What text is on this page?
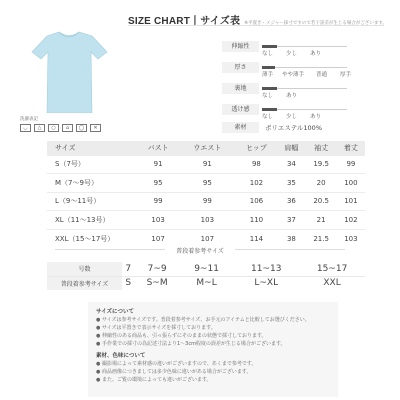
SIZE CHART丨サイズ表 ※平置き・メジャー採寸ですので若干誤差が生じる場合がございます。
伸縮性
なし	少し	あり
厚さ
薄手	やや薄手	普通	厚手
裏地
なし	あり
透け感
なし	少し	あり
素材	ポリエステル100%
洗濯表記
◡	△	○	⌂	◯	✕
サイズ	バスト	ウエスト	ヒップ	肩幅	袖丈	着丈
S（7号）	91	91	98	34	19.5	99
M（7〜9号）	95	95	102	35	20	100
L（9〜11号）	99	99	106	36	20.5	101
XL（11〜13号）	103	103	110	37	21	102
XXL（15〜17号）	107	107	114	38	21.5	103
普段着参考サイズ
号数	7	7~9	9~11	11~13	15~17
普段着参考サイズ	S	S~M	M~L	L~XL	XXL
サイズについて
● サイズは参考サイズです。普段着参考サイズ、お手元のアイテムと比較してお選びください。
● サイズは平置きで表示サイズを採寸しております。
● 伸縮性のある商品も、引っ張らずにそのままの状態で採寸しております。
● 手作業での採寸の為記述寸法より1〜3cm程度の誤差が生じる場合がございます。
素材、色味について
● 撮影場によって素材感の違いがございますので、あくまで参考です。
● 商品画像につきましては多少色味に違いがある場合がございます。
● また、ご覧の環境によっても違いがございます。
